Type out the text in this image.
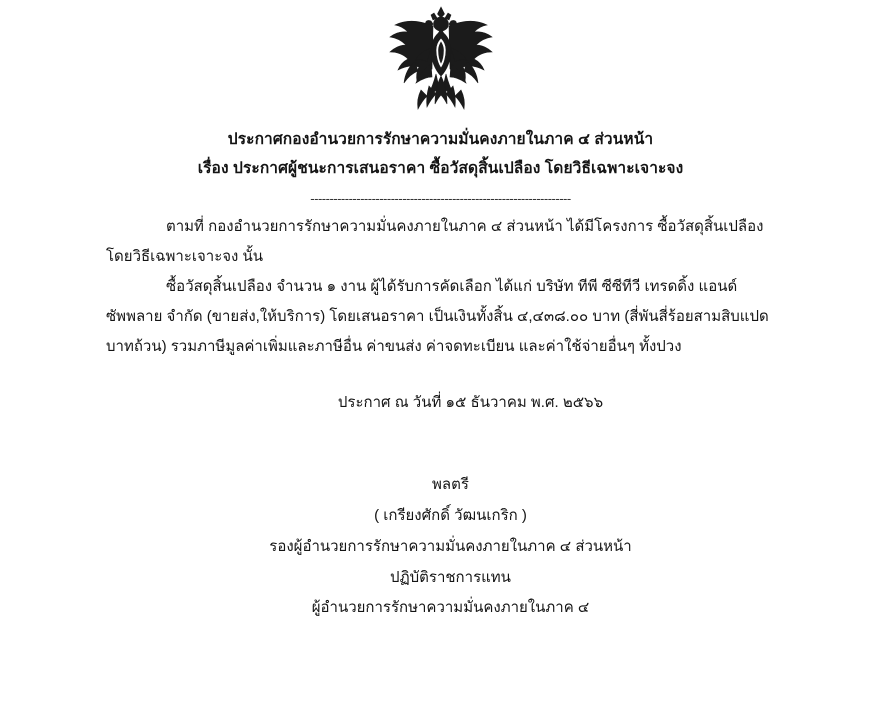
ประกาศกองอำนวยการรักษาความมั่นคงภายในภาค ๔ ส่วนหน้า
เรื่อง ประกาศผู้ชนะการเสนอราคา ซื้อวัสดุสิ้นเปลือง โดยวิธีเฉพาะเจาะจง
--------------------------------------------------------------------
ตามที่ กองอำนวยการรักษาความมั่นคงภายในภาค ๔ ส่วนหน้า ได้มีโครงการ ซื้อวัสดุสิ้นเปลือง โดยวิธีเฉพาะเจาะจง นั้น
ซื้อวัสดุสิ้นเปลือง จำนวน ๑ งาน ผู้ได้รับการคัดเลือก ได้แก่ บริษัท ทีพี ซีซีทีวี เทรดดิ้ง แอนด์ ซัพพลาย จำกัด (ขายส่ง,ให้บริการ) โดยเสนอราคา เป็นเงินทั้งสิ้น ๔,๔๓๘.๐๐ บาท (สี่พันสี่ร้อยสามสิบแปดบาทถ้วน) รวมภาษีมูลค่าเพิ่มและภาษีอื่น ค่าขนส่ง ค่าจดทะเบียน และค่าใช้จ่ายอื่นๆ ทั้งปวง
ประกาศ ณ วันที่ ๑๕ ธันวาคม พ.ศ. ๒๕๖๖
พลตรี
( เกรียงศักดิ์ วัฒนเกริก )
รองผู้อำนวยการรักษาความมั่นคงภายในภาค ๔ ส่วนหน้า
ปฏิบัติราชการแทน
ผู้อำนวยการรักษาความมั่นคงภายในภาค ๔
